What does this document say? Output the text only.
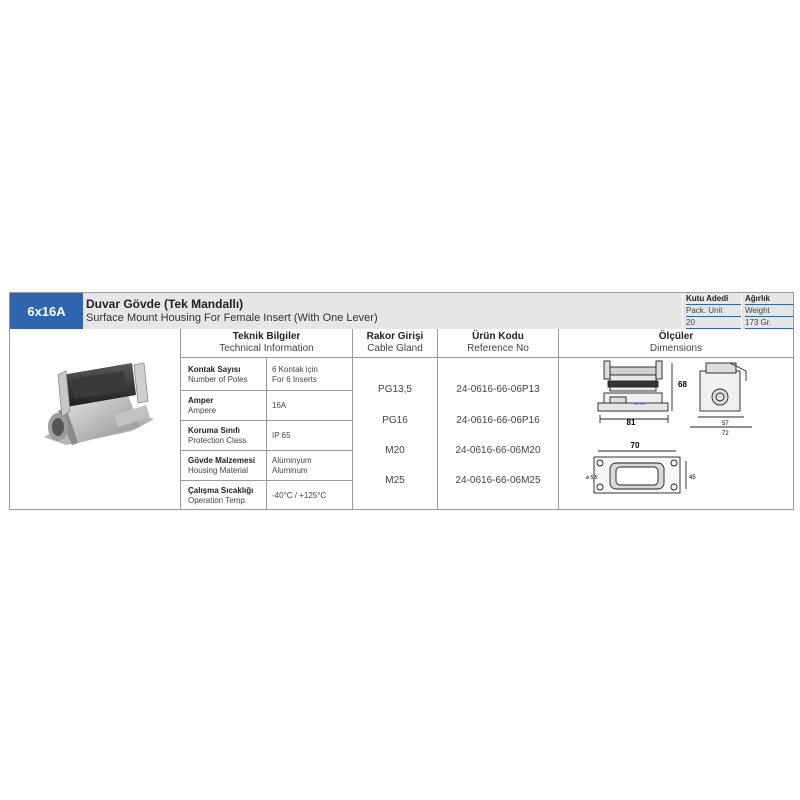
6x16A	Duvar Gövde (Tek Mandallı)
Surface Mount Housing For Female Insert (With One Lever)
Kutu Adedi
Pack. Unit
20
Ağırlık
Weight
173 Gr.
Teknik Bilgiler
Technical Information
Rakor Girişi
Cable Gland
Ürün Kodu
Reference No
Ölçüler
Dimensions
Kontak Sayısı
Number of Poles
6 Kontak için
For 6 Inserts
Amper
Ampere
16A
Koruma Sınıfı
Protection Class
IP 65
Gövde Malzemesi
Housing Material
Alüminyum
Aluminum
Çalışma Sıcaklığı
Operation Temp.
-40°C / +125°C
PG13,5
PG16
M20
M25
24-0616-66-06P13
24-0616-66-06P16
24-0616-66-06M20
24-0616-66-06M25
81
68
57
72
70
45
ø 5,5
ekotek
